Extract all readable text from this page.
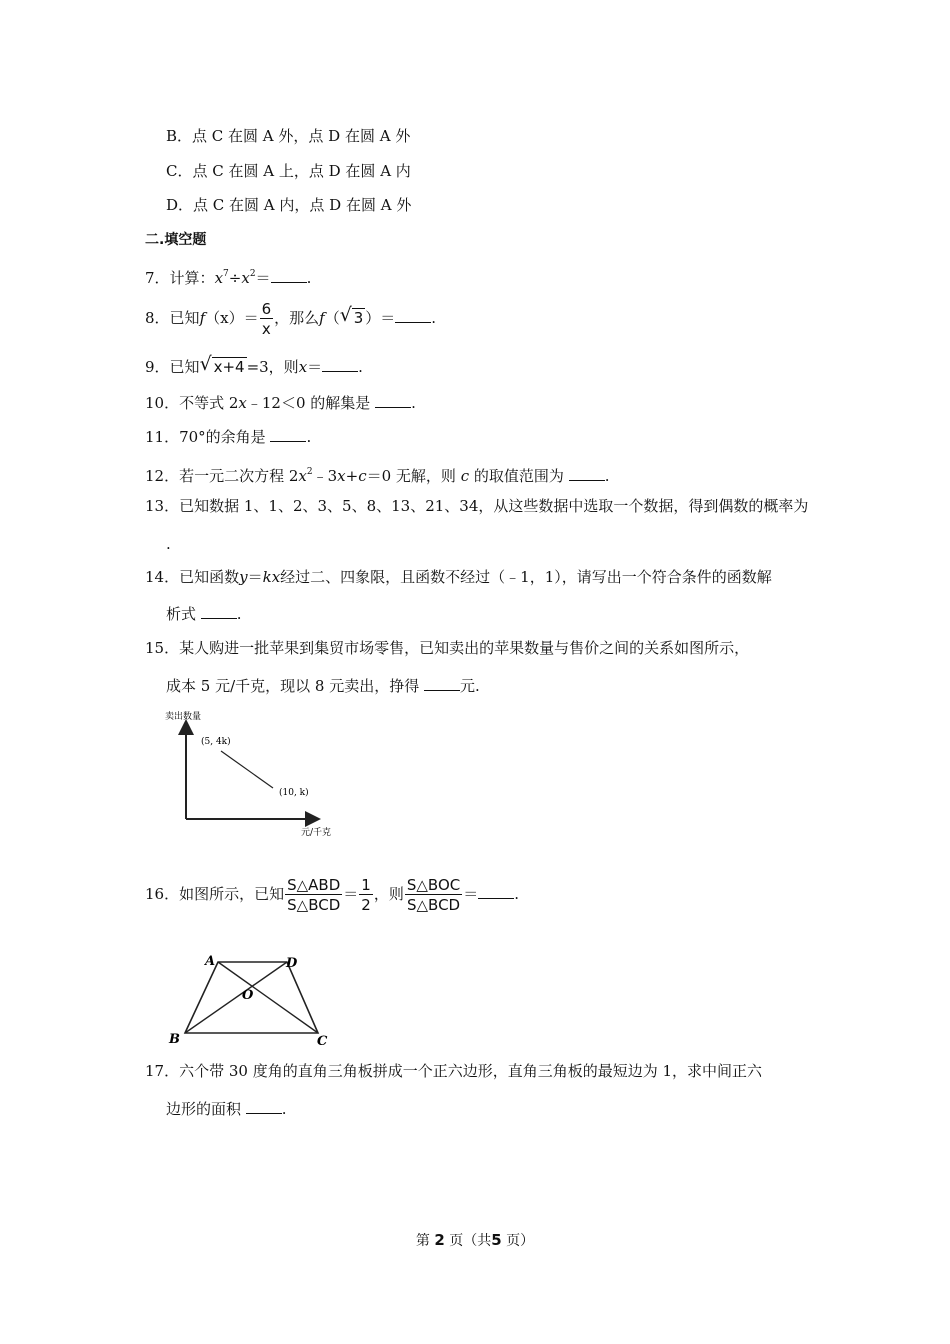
B．点 C 在圆 A 外，点 D 在圆 A 外
C．点 C 在圆 A 上，点 D 在圆 A 内
D．点 C 在圆 A 内，点 D 在圆 A 外
二.填空题
7．计算：$x^7\div x^2=$ .
8．已知$f(x)= \frac{6}{x}$ ，那么f（ √ 3 ）＝ .
9．已知 √ x+4 =3，则x＝ .
10．不等式 2x﹣12＜0 的解集是	.
11．70°的余角是	.
12．若一元二次方程 $2x^2﹣3x+c=0$ 无解，则 c 的取值范围为	.
13．已知数据 1、1、2、3、5、8、13、21、34，从这些数据中选取一个数据，得到偶数的概率为
.
14．已知函数y＝kx经过二、四象限，且函数不经过（﹣1，1），请写出一个符合条件的函数解
析式	.
15．某人购进一批苹果到集贸市场零售，已知卖出的苹果数量与售价之间的关系如图所示，
成本 5 元/千克，现以 8 元卖出，挣得	元.
卖出数量
(5, 4k)
(10, k)
元/千克
16．如图所示，已知 $\frac{\text{S△ABD}}{\text{S△BCD}} = \frac{1}{2}$ ，则 $\frac{\text{S△BOC}}{\text{S△BCD}}$ ＝ .
A	D
O
B	C
17．六个带 30 度角的直角三角板拼成一个正六边形，直角三角板的最短边为 1，求中间正六
边形的面积	.
第 2 页（共5 页）
